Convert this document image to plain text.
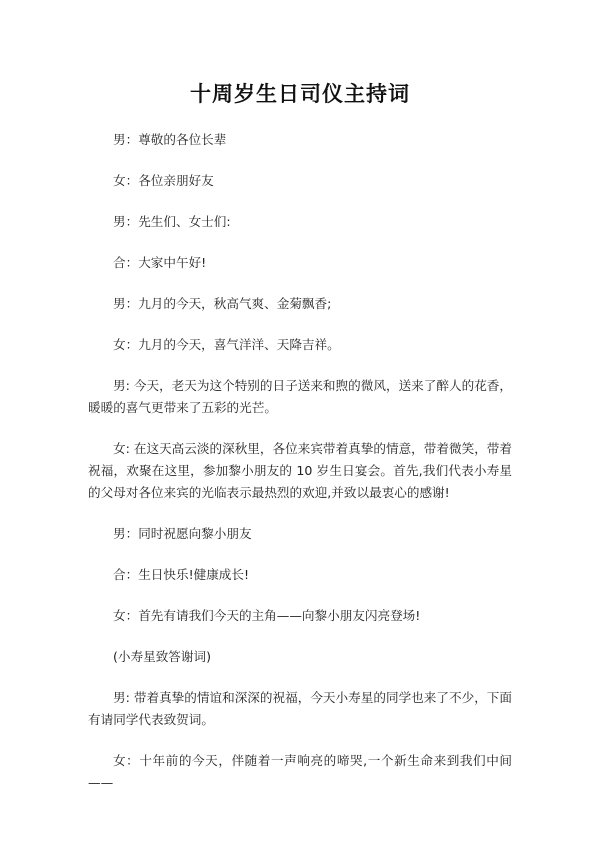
十周岁生日司仪主持词

男：尊敬的各位长辈

女：各位亲朋好友

男：先生们、女士们:

合：大家中午好!

男：九月的今天，秋高气爽、金菊飘香;

女：九月的今天，喜气洋洋、天降吉祥。

男: 今天，老天为这个特别的日子送来和煦的微风，送来了醉人的花香，暖暖的喜气更带来了五彩的光芒。

女: 在这天高云淡的深秋里，各位来宾带着真挚的情意，带着微笑，带着祝福，欢聚在这里，参加黎小朋友的 10 岁生日宴会。首先,我们代表小寿星的父母对各位来宾的光临表示最热烈的欢迎,并致以最衷心的感谢!

男：同时祝愿向黎小朋友

合：生日快乐!健康成长!

女：首先有请我们今天的主角——向黎小朋友闪亮登场!

(小寿星致答谢词)

男: 带着真挚的情谊和深深的祝福，今天小寿星的同学也来了不少，下面有请同学代表致贺词。

女：十年前的今天，伴随着一声响亮的啼哭,一个新生命来到我们中间——
